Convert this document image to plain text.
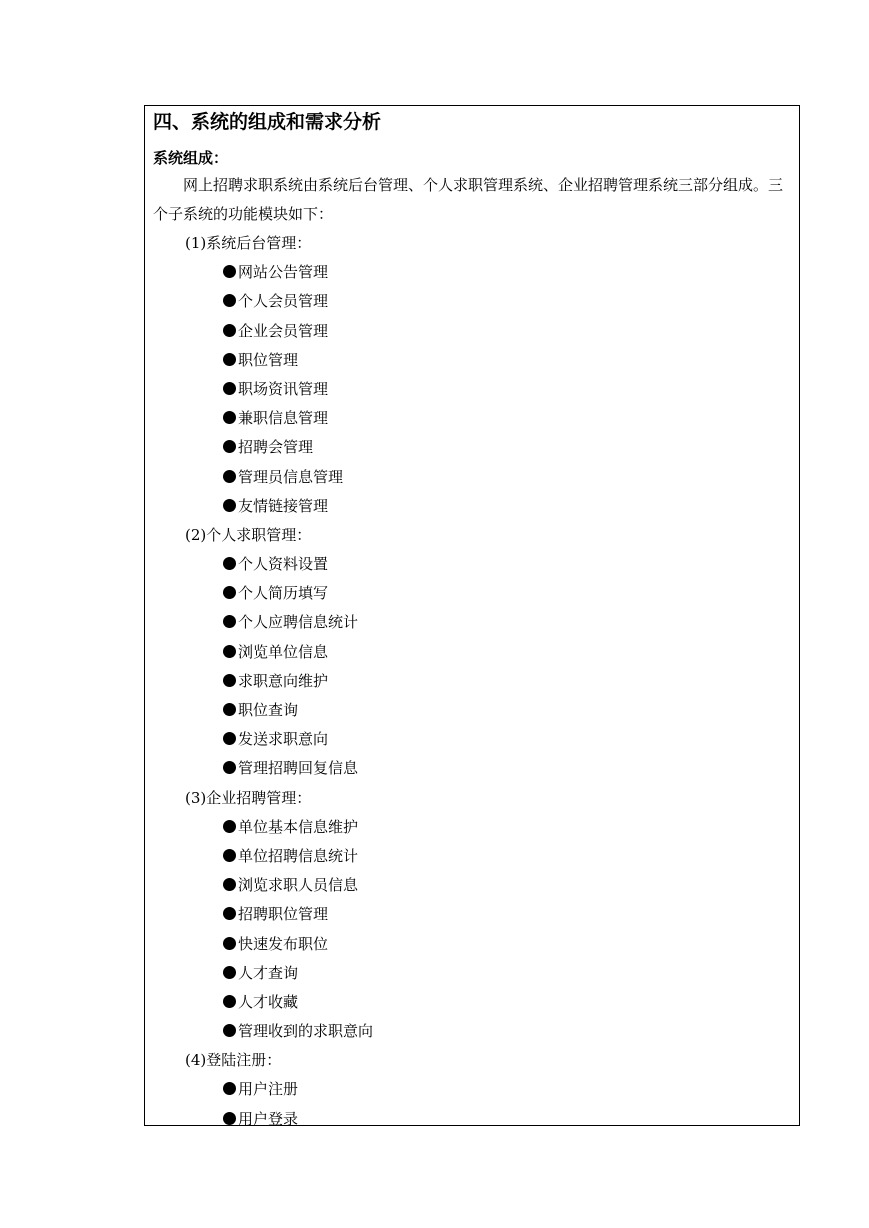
四、系统的组成和需求分析
系统组成：
网上招聘求职系统由系统后台管理、个人求职管理系统、企业招聘管理系统三部分组成。三个子系统的功能模块如下：
(1)系统后台管理：
网站公告管理
个人会员管理
企业会员管理
职位管理
职场资讯管理
兼职信息管理
招聘会管理
管理员信息管理
友情链接管理
(2)个人求职管理：
个人资料设置
个人简历填写
个人应聘信息统计
浏览单位信息
求职意向维护
职位查询
发送求职意向
管理招聘回复信息
(3)企业招聘管理：
单位基本信息维护
单位招聘信息统计
浏览求职人员信息
招聘职位管理
快速发布职位
人才查询
人才收藏
管理收到的求职意向
(4)登陆注册：
用户注册
用户登录
